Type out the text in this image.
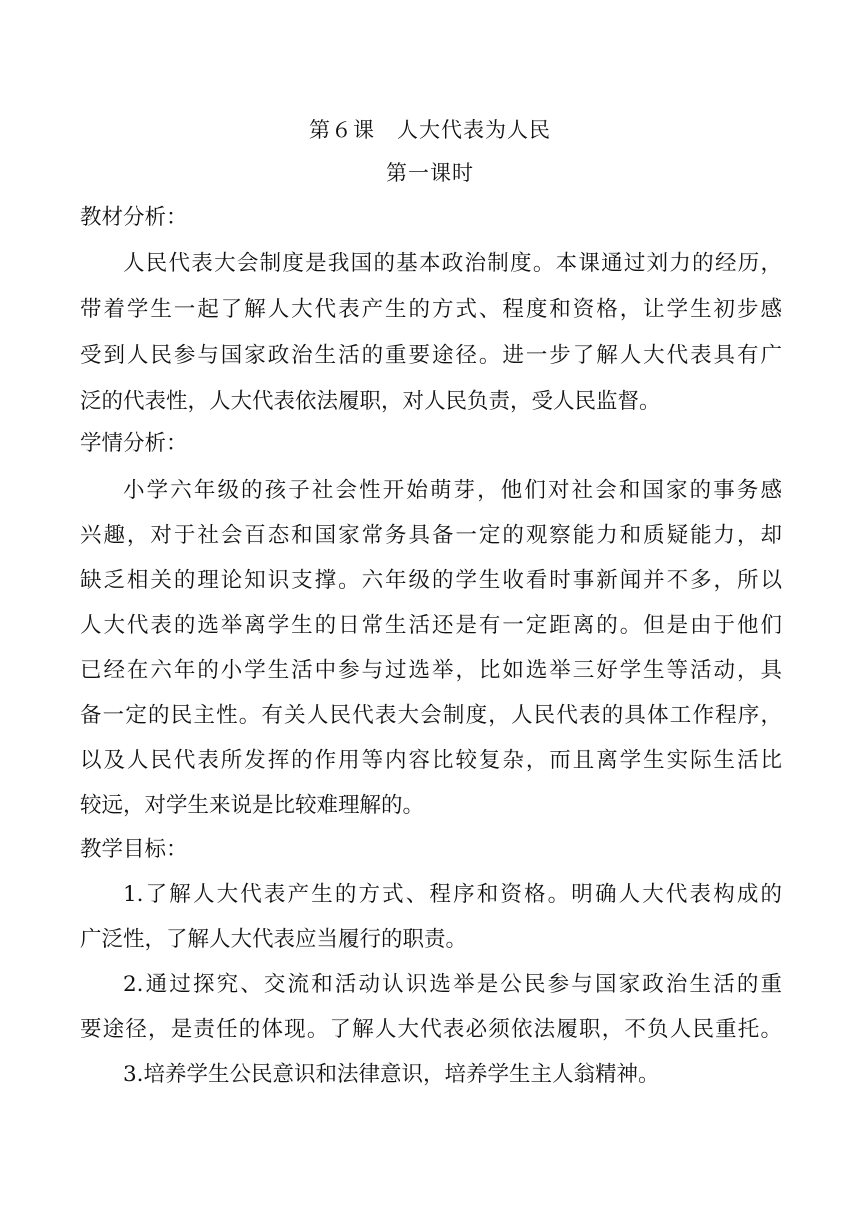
第６课　人大代表为人民
第一课时
教材分析：
人民代表大会制度是我国的基本政治制度。本课通过刘力的经历，
带着学生一起了解人大代表产生的方式、程度和资格，让学生初步感
受到人民参与国家政治生活的重要途径。进一步了解人大代表具有广
泛的代表性，人大代表依法履职，对人民负责，受人民监督。
学情分析：
小学六年级的孩子社会性开始萌芽，他们对社会和国家的事务感
兴趣，对于社会百态和国家常务具备一定的观察能力和质疑能力，却
缺乏相关的理论知识支撑。六年级的学生收看时事新闻并不多，所以
人大代表的选举离学生的日常生活还是有一定距离的。但是由于他们
已经在六年的小学生活中参与过选举，比如选举三好学生等活动，具
备一定的民主性。有关人民代表大会制度，人民代表的具体工作程序，
以及人民代表所发挥的作用等内容比较复杂，而且离学生实际生活比
较远，对学生来说是比较难理解的。
教学目标：
1.了解人大代表产生的方式、程序和资格。明确人大代表构成的
广泛性，了解人大代表应当履行的职责。
2.通过探究、交流和活动认识选举是公民参与国家政治生活的重
要途径，是责任的体现。了解人大代表必须依法履职，不负人民重托。
3.培养学生公民意识和法律意识，培养学生主人翁精神。
